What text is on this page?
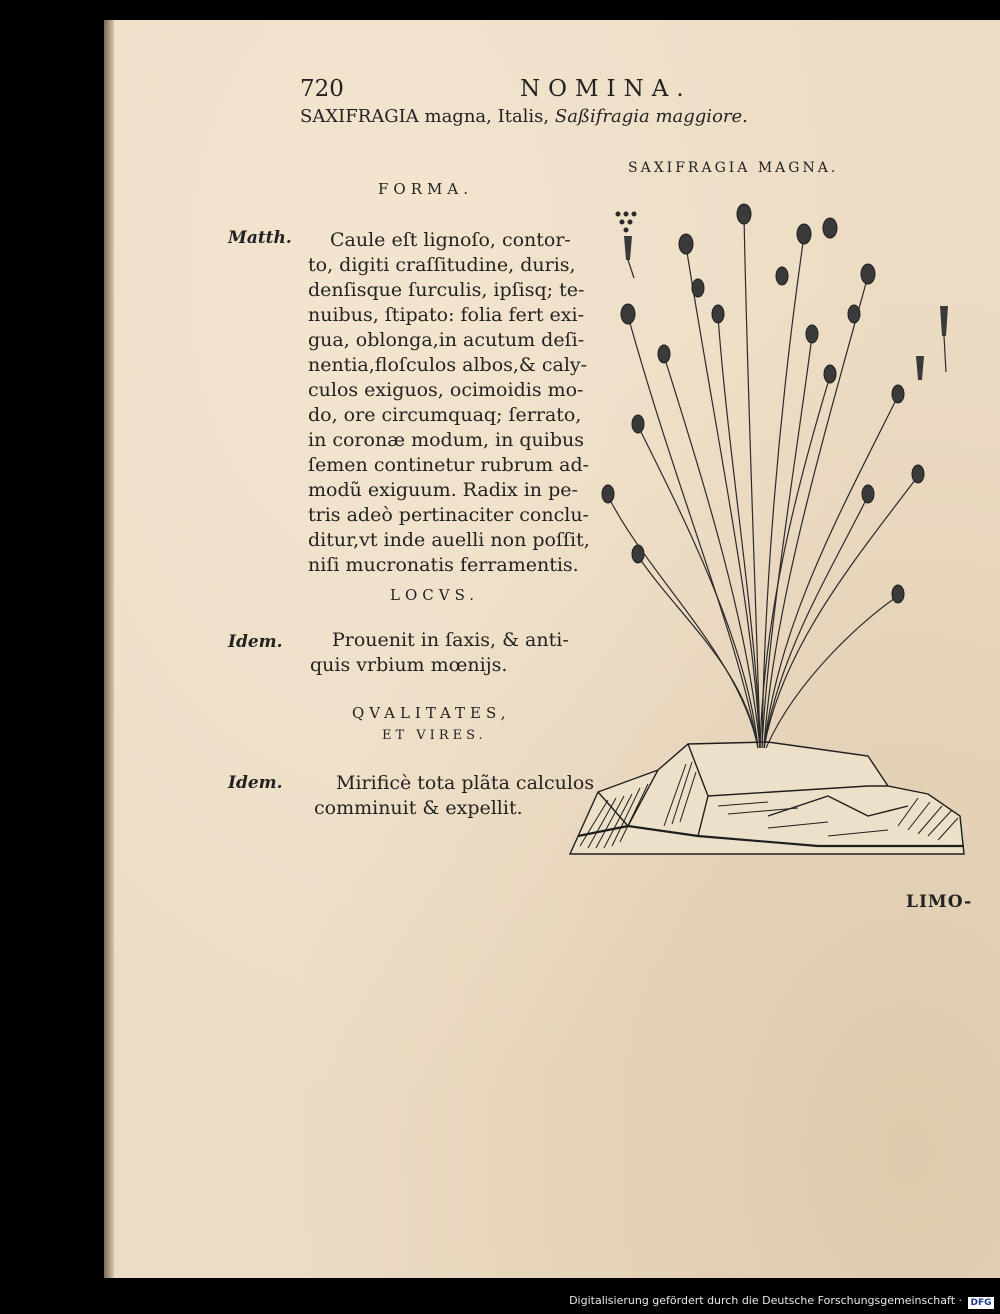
720	NOMINA.
SAXIFRAGIA magna, Italis, Saßifragia maggiore.
SAXIFRAGIA MAGNA.
FORMA.
Matth. Caule eſt lignoſo, contor-
to, digiti craſſitudine, duris,
denſisque ſurculis, ipſisq; te-
nuibus, ſtipato: folia fert exi-
gua, oblonga,in acutum deſi-
nentia,floſculos albos,& caly-
culos exiguos, ocimoidis mo-
do, ore circumquaq; ſerrato,
in coronæ modum, in quibus
ſemen continetur rubrum ad-
modũ exiguum. Radix in pe-
tris adeò pertinaciter conclu-
ditur,vt inde auelli non poſſit,
niſi mucronatis ferramentis.
LOCVS.
Idem.	Prouenit in ſaxis, & anti-
quis vrbium mœnijs.
QVALITATES,
ET VIRES.
Idem.	Mirificè tota plãta calculos
comminuit & expellit.
LIMO-
Digitalisierung gefördert durch die Deutsche Forschungsgemeinschaft · DFG
